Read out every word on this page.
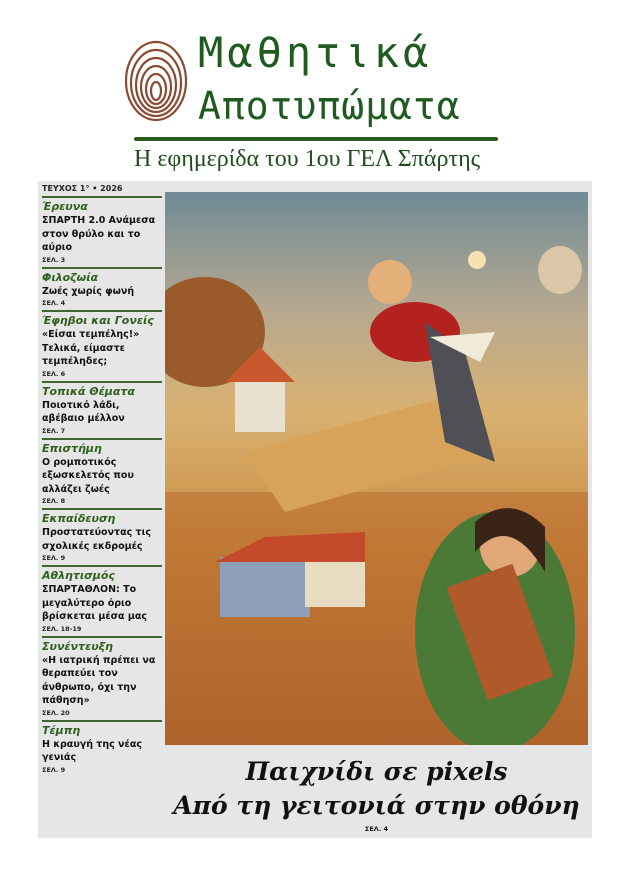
Μαθητικά
Αποτυπώματα
Η εφημερίδα του 1ου ΓΕΛ Σπάρτης
ΤΕΥΧΟΣ 1° • 2026
Έρευνα
ΣΠΑΡΤΗ 2.0 Ανάμεσα στον θρύλο και το αύριο
ΣΕΛ. 3
Φιλοζωία
Ζωές χωρίς φωνή
ΣΕΛ. 4
Έφηβοι και Γονείς
«Είσαι τεμπέλης!» Τελικά, είμαστε τεμπέληδες;
ΣΕΛ. 6
Τοπικά Θέματα
Ποιοτικό λάδι, αβέβαιο μέλλον
ΣΕΛ. 7
Επιστήμη
Ο ρομποτικός εξωσκελετός που αλλάζει ζωές
ΣΕΛ. 8
Εκπαίδευση
Προστατεύοντας τις σχολικές εκδρομές
ΣΕΛ. 9
Αθλητισμός
ΣΠΑΡΤΑΘΛΟΝ: Το μεγαλύτερο όριο βρίσκεται μέσα μας
ΣΕΛ. 18-19
Συνέντευξη
«Η ιατρική πρέπει να θεραπεύει τον άνθρωπο, όχι την πάθηση»
ΣΕΛ. 20
Τέμπη
Η κραυγή της νέας γενιάς
ΣΕΛ. 9	Παιχνίδι σε pixels
Από τη γειτονιά στην οθόνη
ΣΕΛ. 4
